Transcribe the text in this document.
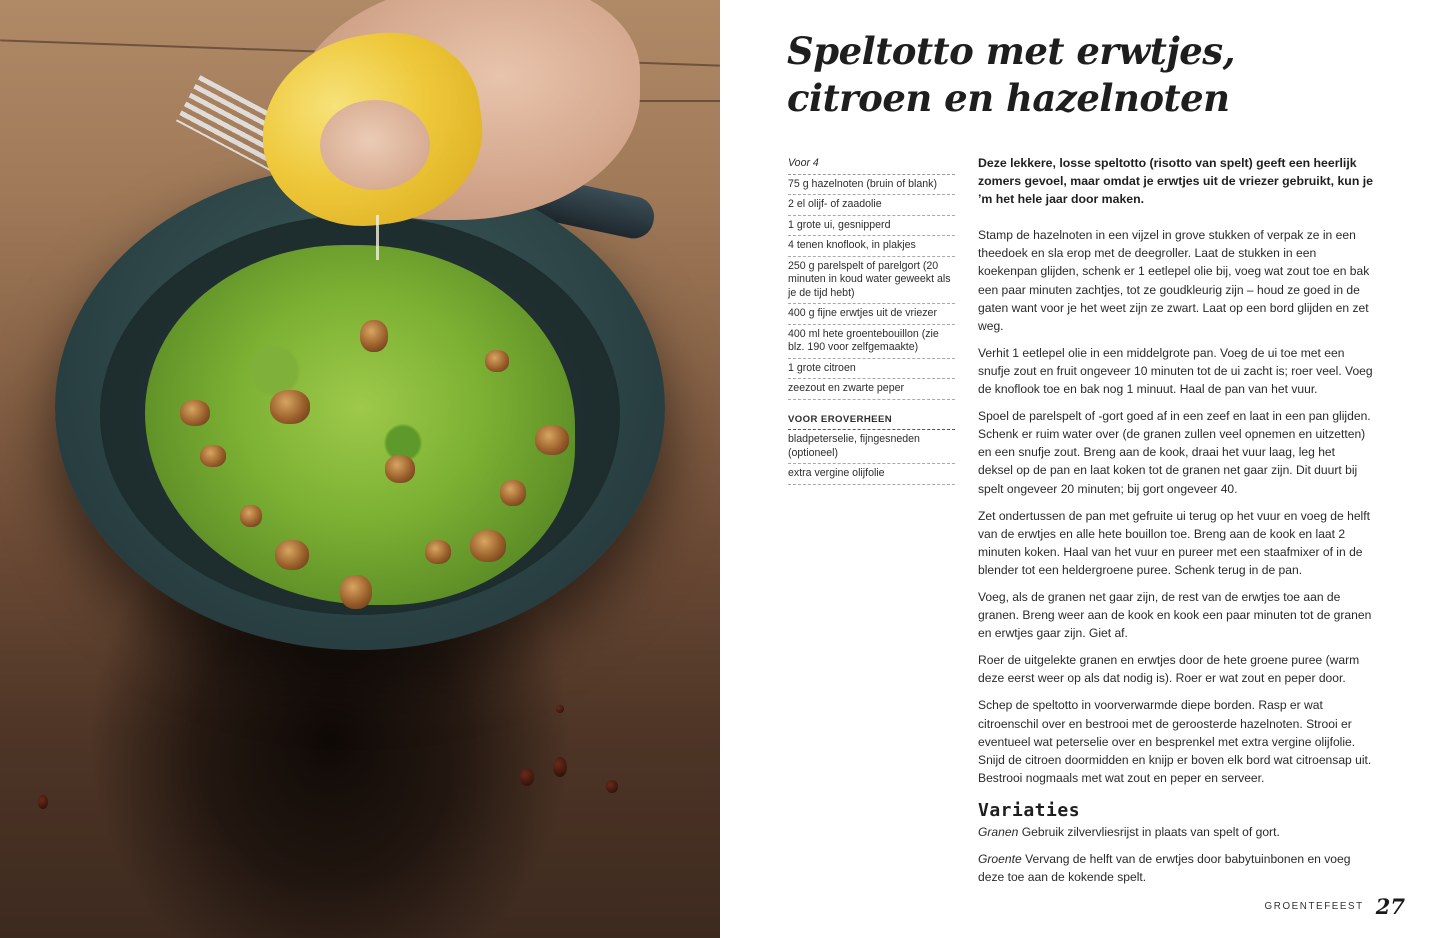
Speltotto met erwtjes, citroen en hazelnoten
Voor 4
75 g hazelnoten (bruin of blank)
2 el olijf- of zaadolie
1 grote ui, gesnipperd
4 tenen knoflook, in plakjes
250 g parelspelt of parelgort (20 minuten in koud water geweekt als je de tijd hebt)
400 g fijne erwtjes uit de vriezer
400 ml hete groentebouillon (zie blz. 190 voor zelfgemaakte)
1 grote citroen
zeezout en zwarte peper
VOOR EROVERHEEN
bladpeterselie, fijngesneden (optioneel)
extra vergine olijfolie

Deze lekkere, losse speltotto (risotto van spelt) geeft een heerlijk zomers gevoel, maar omdat je erwtjes uit de vriezer gebruikt, kun je ’m het hele jaar door maken.

Stamp de hazelnoten in een vijzel in grove stukken of verpak ze in een theedoek en sla erop met de deegroller. Laat de stukken in een koekenpan glijden, schenk er 1 eetlepel olie bij, voeg wat zout toe en bak een paar minuten zachtjes, tot ze goudkleurig zijn – houd ze goed in de gaten want voor je het weet zijn ze zwart. Laat op een bord glijden en zet weg.

Verhit 1 eetlepel olie in een middelgrote pan. Voeg de ui toe met een snufje zout en fruit ongeveer 10 minuten tot de ui zacht is; roer veel. Voeg de knoflook toe en bak nog 1 minuut. Haal de pan van het vuur.

Spoel de parelspelt of -gort goed af in een zeef en laat in een pan glijden. Schenk er ruim water over (de granen zullen veel opnemen en uitzetten) en een snufje zout. Breng aan de kook, draai het vuur laag, leg het deksel op de pan en laat koken tot de granen net gaar zijn. Dit duurt bij spelt ongeveer 20 minuten; bij gort ongeveer 40.

Zet ondertussen de pan met gefruite ui terug op het vuur en voeg de helft van de erwtjes en alle hete bouillon toe. Breng aan de kook en laat 2 minuten koken. Haal van het vuur en pureer met een staafmixer of in de blender tot een heldergroene puree. Schenk terug in de pan.

Voeg, als de granen net gaar zijn, de rest van de erwtjes toe aan de granen. Breng weer aan de kook en kook een paar minuten tot de granen en erwtjes gaar zijn. Giet af.

Roer de uitgelekte granen en erwtjes door de hete groene puree (warm deze eerst weer op als dat nodig is). Roer er wat zout en peper door.

Schep de speltotto in voorverwarmde diepe borden. Rasp er wat citroenschil over en bestrooi met de geroosterde hazelnoten. Strooi er eventueel wat peterselie over en besprenkel met extra vergine olijfolie. Snijd de citroen doormidden en knijp er boven elk bord wat citroensap uit. Bestrooi nogmaals met wat zout en peper en serveer.

Variaties

Granen Gebruik zilvervliesrijst in plaats van spelt of gort.

Groente Vervang de helft van de erwtjes door babytuinbonen en voeg deze toe aan de kokende spelt.

GROENTEFEEST 27
